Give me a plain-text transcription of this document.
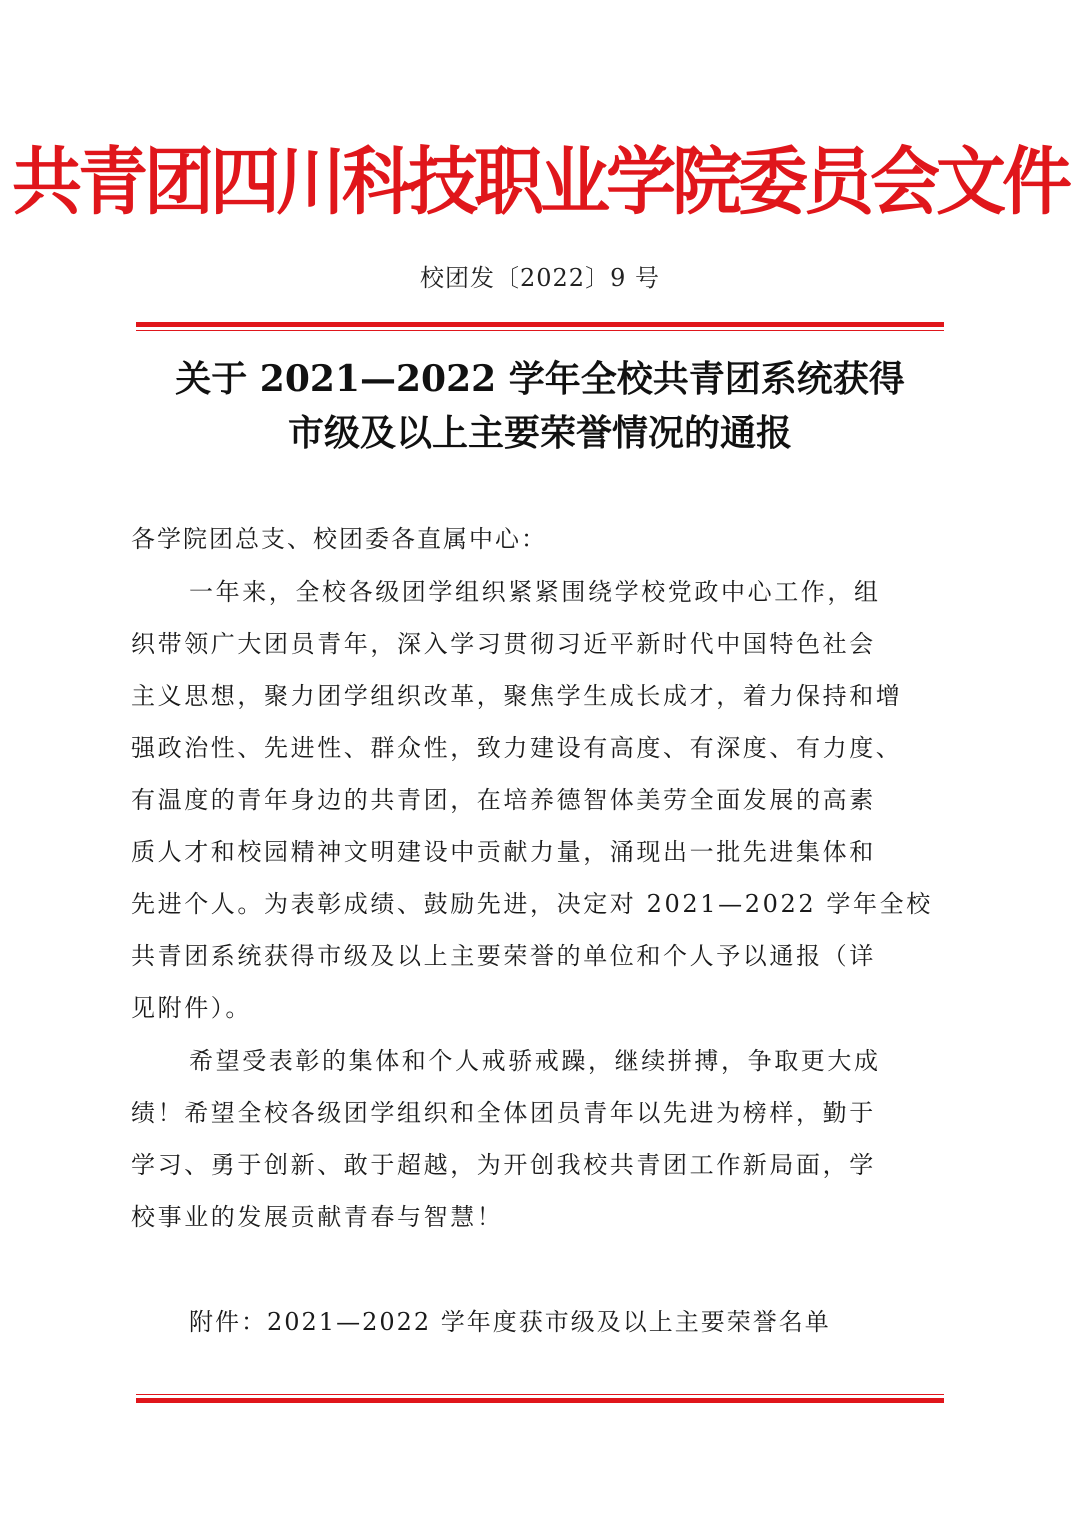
共青团四川科技职业学院委员会文件
校团发〔2022〕9 号
关于 2021—2022 学年全校共青团系统获得
市级及以上主要荣誉情况的通报
各学院团总支、校团委各直属中心：
一年来，全校各级团学组织紧紧围绕学校党政中心工作，组
织带领广大团员青年，深入学习贯彻习近平新时代中国特色社会
主义思想，聚力团学组织改革，聚焦学生成长成才，着力保持和增
强政治性、先进性、群众性，致力建设有高度、有深度、有力度、
有温度的青年身边的共青团，在培养德智体美劳全面发展的高素
质人才和校园精神文明建设中贡献力量，涌现出一批先进集体和
先进个人。为表彰成绩、鼓励先进，决定对 2021—2022 学年全校
共青团系统获得市级及以上主要荣誉的单位和个人予以通报（详
见附件）。
希望受表彰的集体和个人戒骄戒躁，继续拼搏，争取更大成
绩！希望全校各级团学组织和全体团员青年以先进为榜样，勤于
学习、勇于创新、敢于超越，为开创我校共青团工作新局面，学
校事业的发展贡献青春与智慧！
附件：2021—2022 学年度获市级及以上主要荣誉名单
